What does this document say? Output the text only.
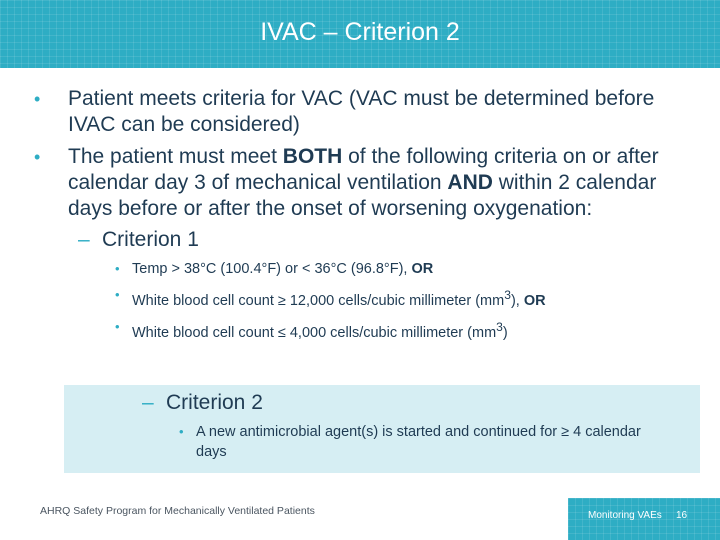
IVAC – Criterion 2
– Criterion 2
• A new antimicrobial agent(s) is started and continued for ≥ 4 calendar days
• Patient meets criteria for VAC (VAC must be determined before IVAC can be considered)
• The patient must meet BOTH of the following criteria on or after calendar day 3 of mechanical ventilation AND within 2 calendar days before or after the onset of worsening oxygenation:
– Criterion 1
• Temp > 38°C (100.4°F) or < 36°C (96.8°F), OR
• White blood cell count ≥ 12,000 cells/cubic millimeter $(mm^3)$, OR
• White blood cell count ≤ 4,000 cells/cubic millimeter $(mm^3)$
AHRQ Safety Program for Mechanically Ventilated Patients	Monitoring VAEs 16
